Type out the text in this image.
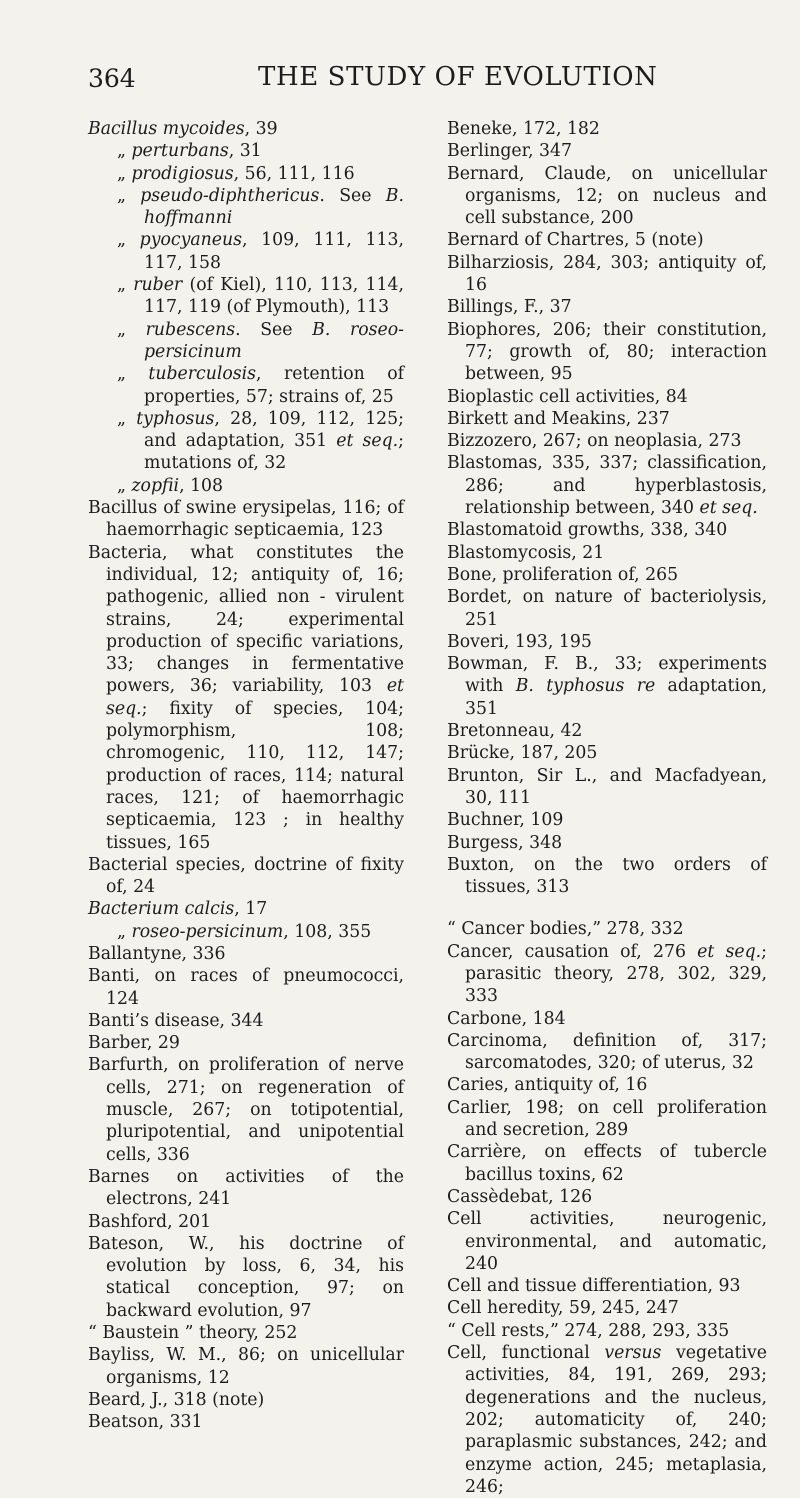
364	THE STUDY OF EVOLUTION
Bacillus mycoides, 39
„ perturbans, 31
„ prodigiosus, 56, 111, 116
„ pseudo-diphthericus. See B. hoffmanni
„ pyocyaneus, 109, 111, 113, 117, 158
„ ruber (of Kiel), 110, 113, 114, 117, 119 (of Plymouth), 113
„ rubescens. See B. roseo-persicinum
„ tuberculosis, retention of properties, 57; strains of, 25
„ typhosus, 28, 109, 112, 125; and adaptation, 351 et seq.; mutations of, 32
„ zopfii, 108
Bacillus of swine erysipelas, 116; of haemorrhagic septicaemia, 123
Bacteria, what constitutes the individual, 12; antiquity of, 16; pathogenic, allied non - virulent strains, 24; experimental production of specific variations, 33; changes in fermentative powers, 36; variability, 103 et seq.; fixity of species, 104; polymorphism, 108; chromogenic, 110, 112, 147; production of races, 114; natural races, 121; of haemorrhagic septicaemia, 123 ; in healthy tissues, 165
Bacterial species, doctrine of fixity of, 24
Bacterium calcis, 17
„ roseo-persicinum, 108, 355
Ballantyne, 336
Banti, on races of pneumococci, 124
Banti’s disease, 344
Barber, 29
Barfurth, on proliferation of nerve cells, 271; on regeneration of muscle, 267; on totipotential, pluripotential, and unipotential cells, 336
Barnes on activities of the electrons, 241
Bashford, 201
Bateson, W., his doctrine of evolution by loss, 6, 34, his statical conception, 97; on backward evolution, 97
“ Baustein ” theory, 252
Bayliss, W. M., 86; on unicellular organisms, 12
Beard, J., 318 (note)
Beatson, 331
Beneke, 172, 182
Berlinger, 347
Bernard, Claude, on unicellular organisms, 12; on nucleus and cell substance, 200
Bernard of Chartres, 5 (note)
Bilharziosis, 284, 303; antiquity of, 16
Billings, F., 37
Biophores, 206; their constitution, 77; growth of, 80; interaction between, 95
Bioplastic cell activities, 84
Birkett and Meakins, 237
Bizzozero, 267; on neoplasia, 273
Blastomas, 335, 337; classification, 286; and hyperblastosis, relationship between, 340 et seq.
Blastomatoid growths, 338, 340
Blastomycosis, 21
Bone, proliferation of, 265
Bordet, on nature of bacteriolysis, 251
Boveri, 193, 195
Bowman, F. B., 33; experiments with B. typhosus re adaptation, 351
Bretonneau, 42
Brücke, 187, 205
Brunton, Sir L., and Macfadyean, 30, 111
Buchner, 109
Burgess, 348
Buxton, on the two orders of tissues, 313
“ Cancer bodies,” 278, 332
Cancer, causation of, 276 et seq.; parasitic theory, 278, 302, 329, 333
Carbone, 184
Carcinoma, definition of, 317; sarcomatodes, 320; of uterus, 32
Caries, antiquity of, 16
Carlier, 198; on cell proliferation and secretion, 289
Carrière, on effects of tubercle bacillus toxins, 62
Cassèdebat, 126
Cell activities, neurogenic, environmental, and automatic, 240
Cell and tissue differentiation, 93
Cell heredity, 59, 245, 247
“ Cell rests,” 274, 288, 293, 335
Cell, functional versus vegetative activities, 84, 191, 269, 293; degenerations and the nucleus, 202; automaticity of, 240; paraplasmic substances, 242; and enzyme action, 245; metaplasia, 246;
